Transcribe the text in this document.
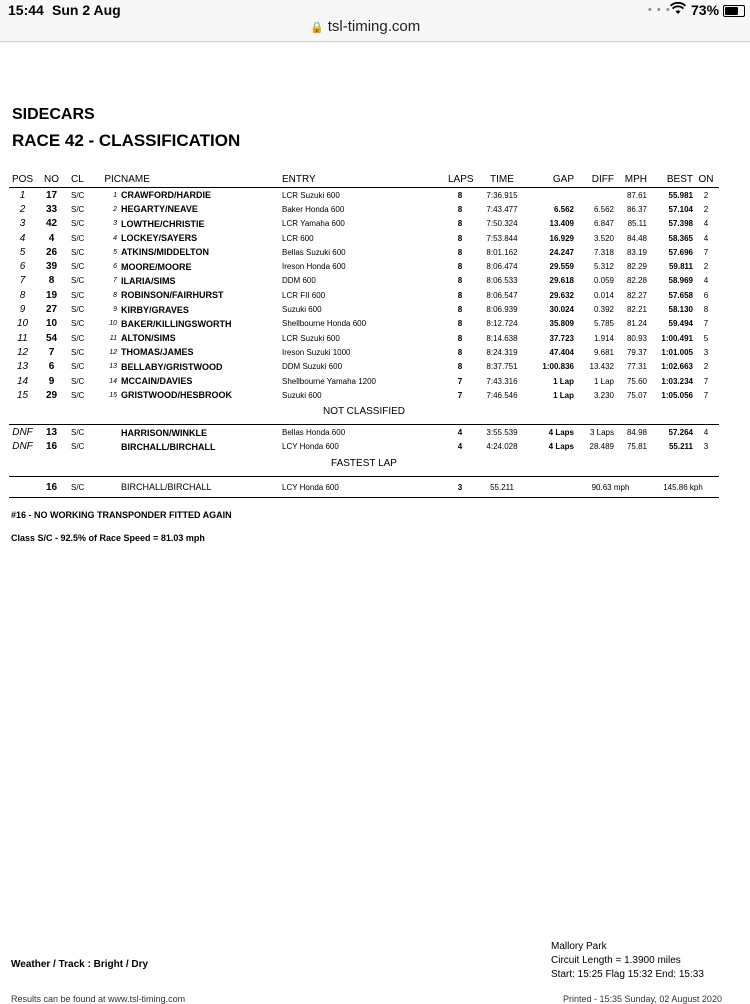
15:44 Sun 2 Aug	• • • 73%
🔒 tsl-timing.com
SIDECARS
RACE 42 - CLASSIFICATION
POS	NO	CL	PIC	NAME	ENTRY	LAPS	TIME	GAP	DIFF	MPH	BEST	ON
1	17	S/C	1	CRAWFORD/HARDIE	LCR Suzuki 600	8	7:36.915			87.61	55.981	2
2	33	S/C	2	HEGARTY/NEAVE	Baker Honda 600	8	7:43.477	6.562	6.562	86.37	57.104	2
3	42	S/C	3	LOWTHE/CHRISTIE	LCR Yamaha 600	8	7:50.324	13.409	6.847	85.11	57.398	4
4	4	S/C	4	LOCKEY/SAYERS	LCR 600	8	7:53.844	16.929	3.520	84.48	58.365	4
5	26	S/C	5	ATKINS/MIDDELTON	Bellas Suzuki 600	8	8:01.162	24.247	7.318	83.19	57.696	7
6	39	S/C	6	MOORE/MOORE	Ireson Honda 600	8	8:06.474	29.559	5.312	82.29	59.811	2
7	8	S/C	7	ILARIA/SIMS	DDM 600	8	8:06.533	29.618	0.059	82.28	58.969	4
8	19	S/C	8	ROBINSON/FAIRHURST	LCR FII 600	8	8:06.547	29.632	0.014	82.27	57.658	6
9	27	S/C	9	KIRBY/GRAVES	Suzuki 600	8	8:06.939	30.024	0.392	82.21	58.130	8
10	10	S/C	10	BAKER/KILLINGSWORTH	Shellbourne Honda 600	8	8:12.724	35.809	5.785	81.24	59.494	7
11	54	S/C	11	ALTON/SIMS	LCR Suzuki 600	8	8:14.638	37.723	1.914	80.93	1:00.491	5
12	7	S/C	12	THOMAS/JAMES	Ireson Suzuki 1000	8	8:24.319	47.404	9.681	79.37	1:01.005	3
13	6	S/C	13	BELLABY/GRISTWOOD	DDM Suzuki 600	8	8:37.751	1:00.836	13.432	77.31	1:02.663	2
14	9	S/C	14	MCCAIN/DAVIES	Shellbourne Yamaha 1200	7	7:43.316	1 Lap	1 Lap	75.60	1:03.234	7
15	29	S/C	15	GRISTWOOD/HESBROOK	Suzuki 600	7	7:46.546	1 Lap	3.230	75.07	1:05.056	7
NOT CLASSIFIED												

DNF	13	S/C		HARRISON/WINKLE	Bellas Honda 600	4	3:55.539	4 Laps	3 Laps	84.98	57.264	4
DNF	16	S/C		BIRCHALL/BIRCHALL	LCY Honda 600	4	4:24.028	4 Laps	28.489	75.81	55.211	3
FASTEST LAP												

	16	S/C		BIRCHALL/BIRCHALL	LCY Honda 600	3	55.211		90.63 mph		145.86 kph	
#16 - NO WORKING TRANSPONDER FITTED AGAIN
Class S/C - 92.5% of Race Speed = 81.03 mph
Weather / Track : Bright / Dry
Mallory Park
Circuit Length = 1.3900 miles
Start: 15:25 Flag 15:32 End: 15:33
Results can be found at www.tsl-timing.com	Printed - 15:35 Sunday, 02 August 2020
